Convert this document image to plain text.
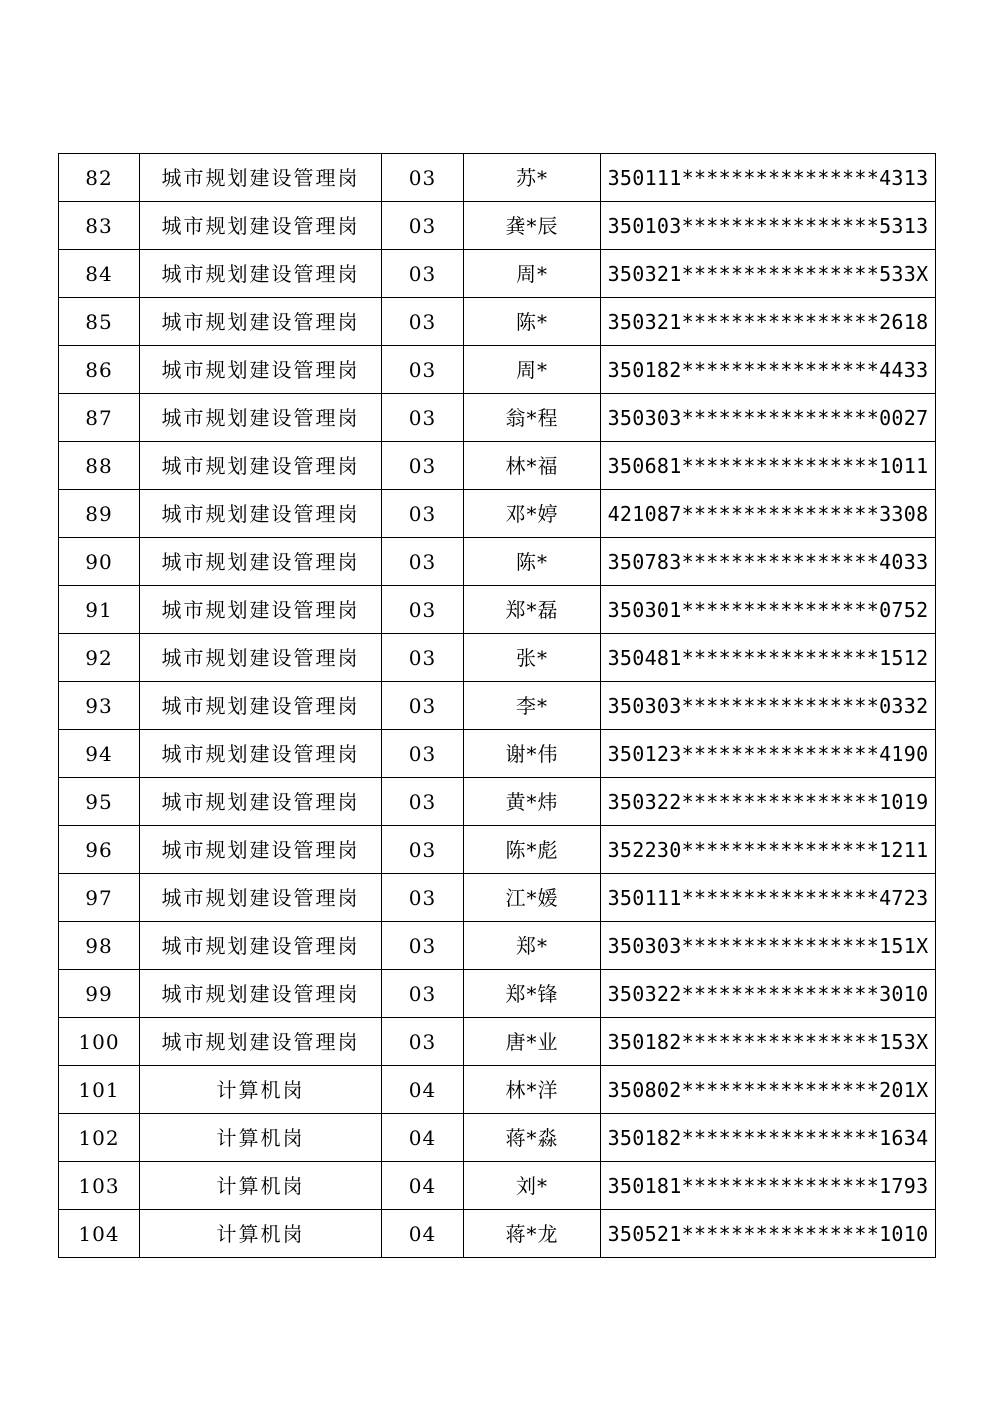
82	城市规划建设管理岗	03	苏*	350111****************4313
83	城市规划建设管理岗	03	龚*辰	350103****************5313
84	城市规划建设管理岗	03	周*	350321****************533X
85	城市规划建设管理岗	03	陈*	350321****************2618
86	城市规划建设管理岗	03	周*	350182****************4433
87	城市规划建设管理岗	03	翁*程	350303****************0027
88	城市规划建设管理岗	03	林*福	350681****************1011
89	城市规划建设管理岗	03	邓*婷	421087****************3308
90	城市规划建设管理岗	03	陈*	350783****************4033
91	城市规划建设管理岗	03	郑*磊	350301****************0752
92	城市规划建设管理岗	03	张*	350481****************1512
93	城市规划建设管理岗	03	李*	350303****************0332
94	城市规划建设管理岗	03	谢*伟	350123****************4190
95	城市规划建设管理岗	03	黄*炜	350322****************1019
96	城市规划建设管理岗	03	陈*彪	352230****************1211
97	城市规划建设管理岗	03	江*媛	350111****************4723
98	城市规划建设管理岗	03	郑*	350303****************151X
99	城市规划建设管理岗	03	郑*锋	350322****************3010
100	城市规划建设管理岗	03	唐*业	350182****************153X
101	计算机岗	04	林*洋	350802****************201X
102	计算机岗	04	蒋*淼	350182****************1634
103	计算机岗	04	刘*	350181****************1793
104	计算机岗	04	蒋*龙	350521****************1010
